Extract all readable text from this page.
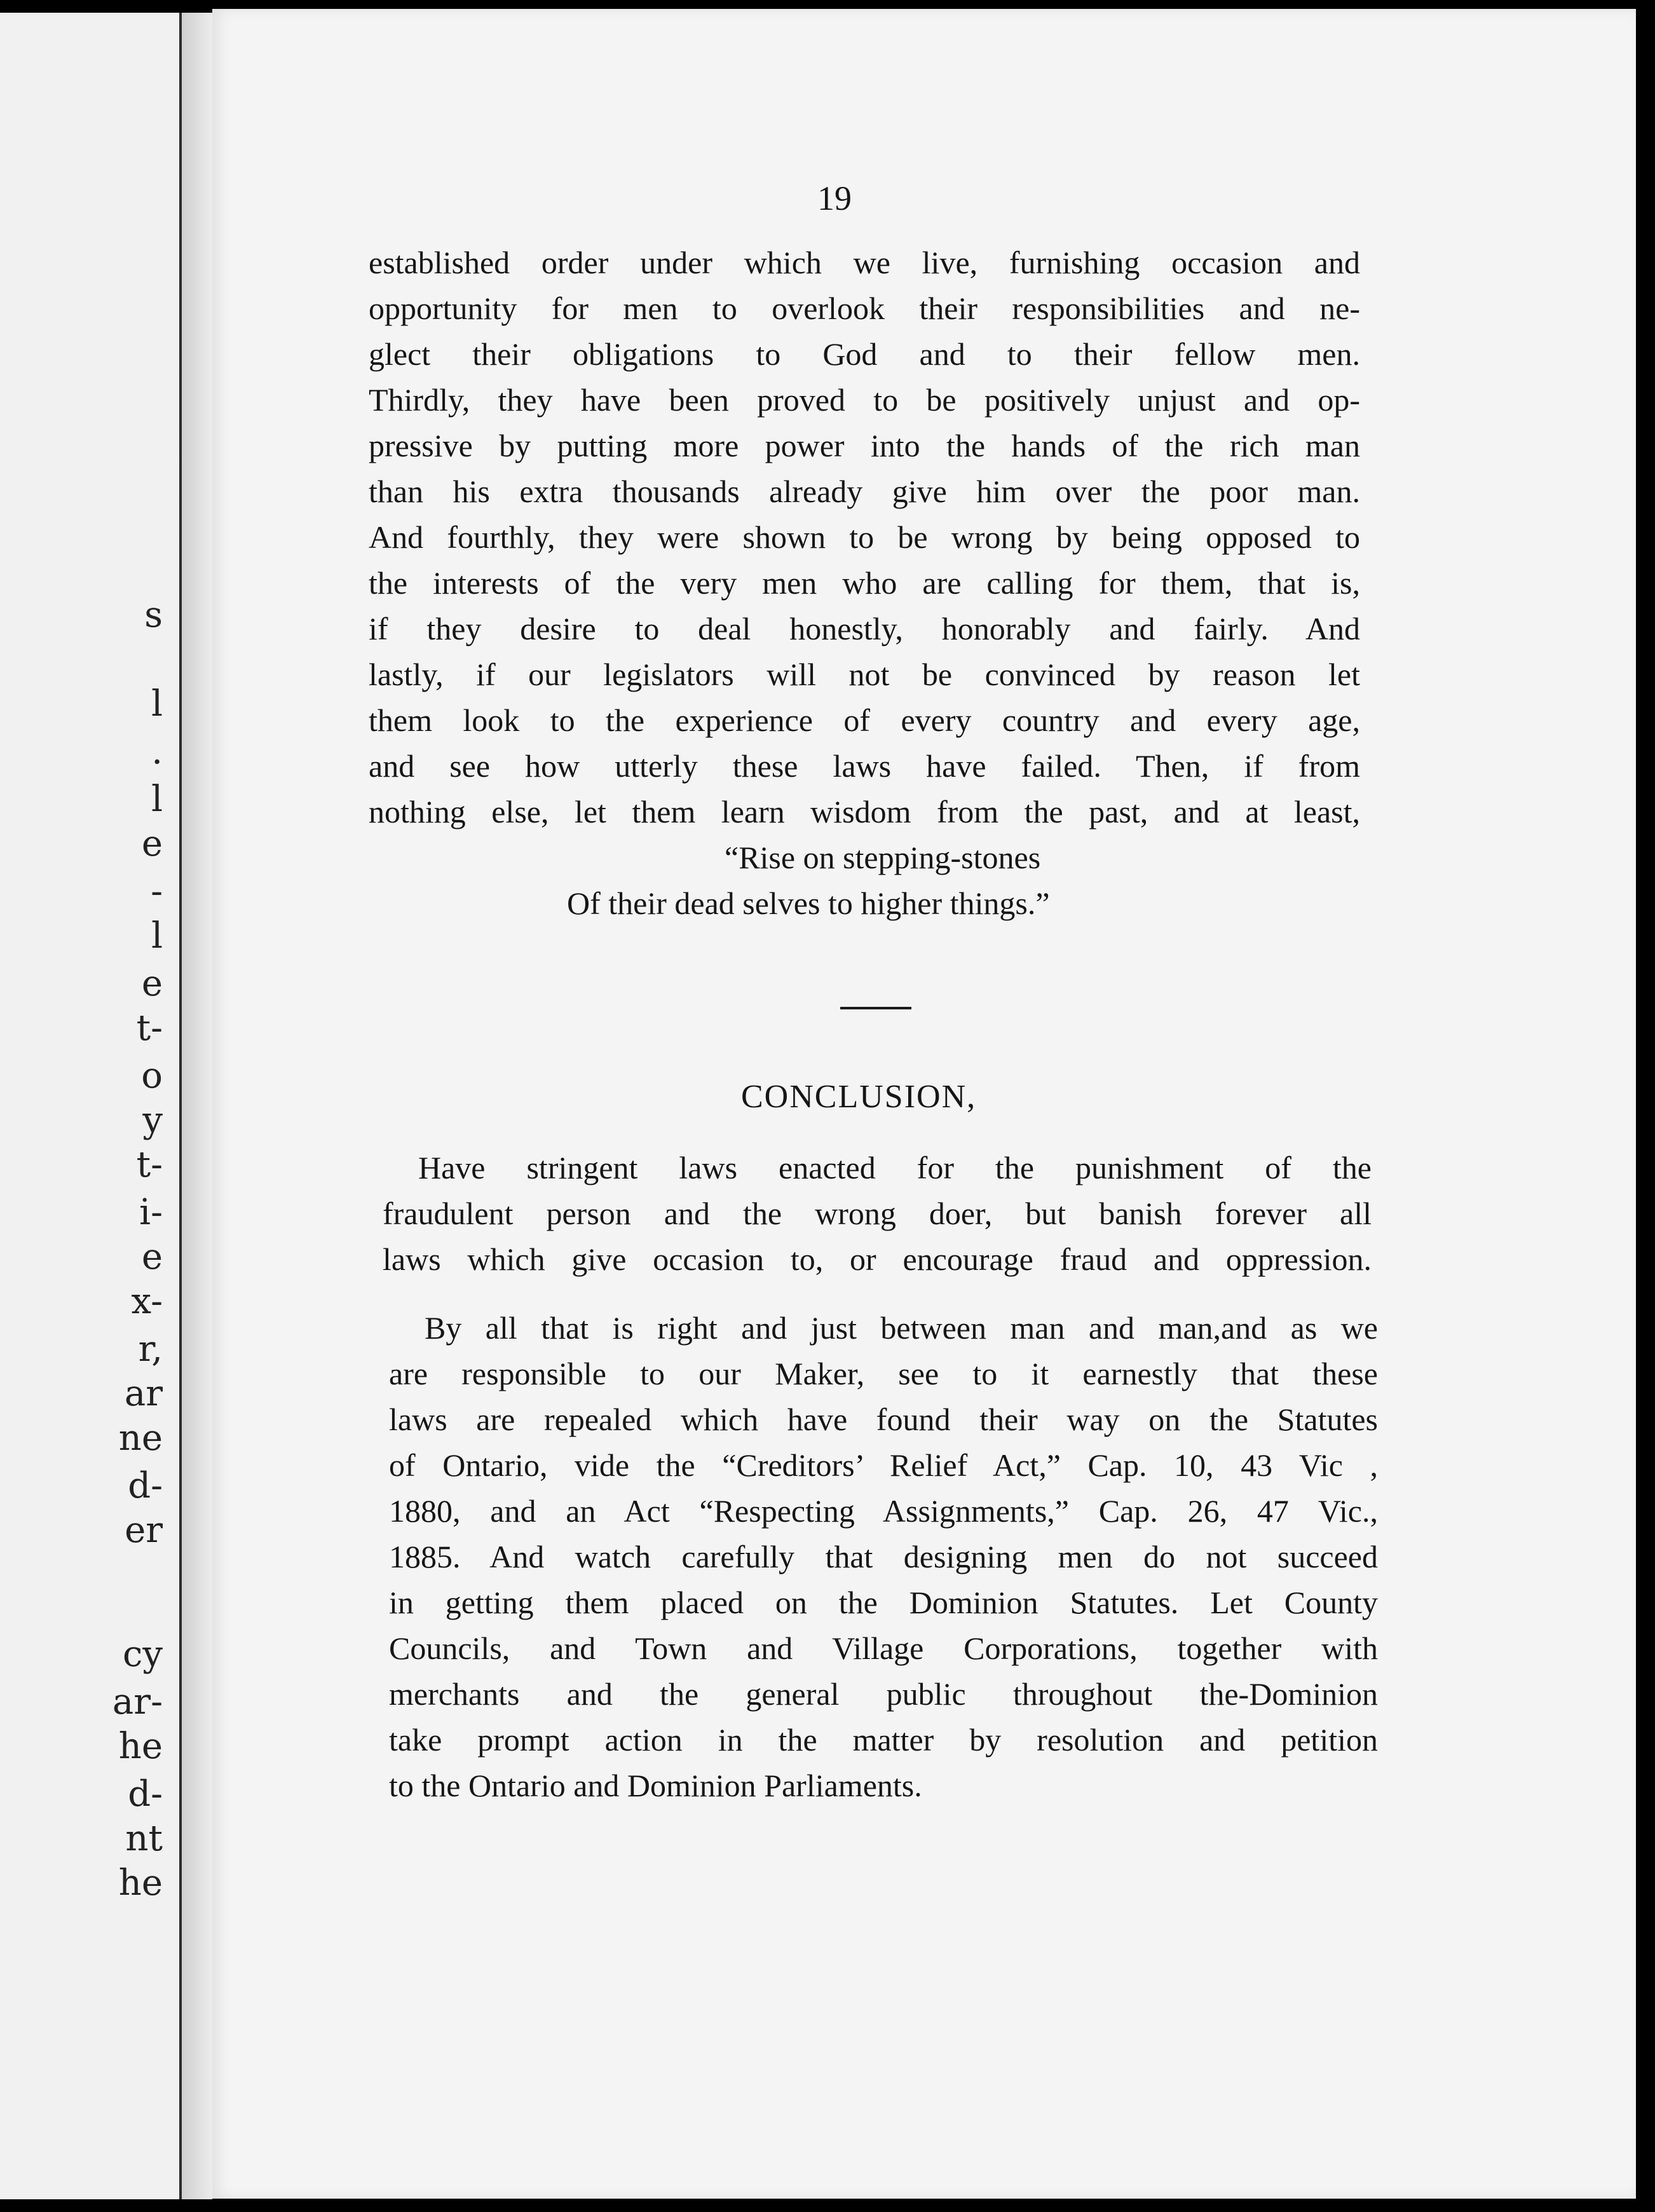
s
l
.
l
e
-
l
e
t-
o
y
t-
i-
e
x-
r,
ar
ne
d-
er
cy
ar-
he
d-
nt
he
19
established order under which we live, furnishing occasion and
opportunity for men to overlook their responsibilities and ne-
glect their obligations to God and to their fellow men.
Thirdly, they have been proved to be positively unjust and op-
pressive by putting more power into the hands of the rich man
than his extra thousands already give him over the poor man.
And fourthly, they were shown to be wrong by being opposed to
the interests of the very men who are calling for them, that is,
if they desire to deal honestly, honorably and fairly. And
lastly, if our legislators will not be convinced by reason let
them look to the experience of every country and every age,
and see how utterly these laws have failed. Then, if from
nothing else, let them learn wisdom from the past, and at least,
“Rise on stepping-stones
Of their dead selves to higher things.”
CONCLUSION,
Have stringent laws enacted for the punishment of the
fraudulent person and the wrong doer, but banish forever all
laws which give occasion to, or encourage fraud and oppression.
By all that is right and just between man and man,and as we
are responsible to our Maker, see to it earnestly that these
laws are repealed which have found their way on the Statutes
of Ontario, vide the “Creditors’ Relief Act,” Cap. 10, 43 Vic ,
1880, and an Act “Respecting Assignments,” Cap. 26, 47 Vic.,
1885. And watch carefully that designing men do not succeed
in getting them placed on the Dominion Statutes. Let County
Councils, and Town and Village Corporations, together with
merchants and the general public throughout the-Dominion
take prompt action in the matter by resolution and petition
to the Ontario and Dominion Parliaments.
